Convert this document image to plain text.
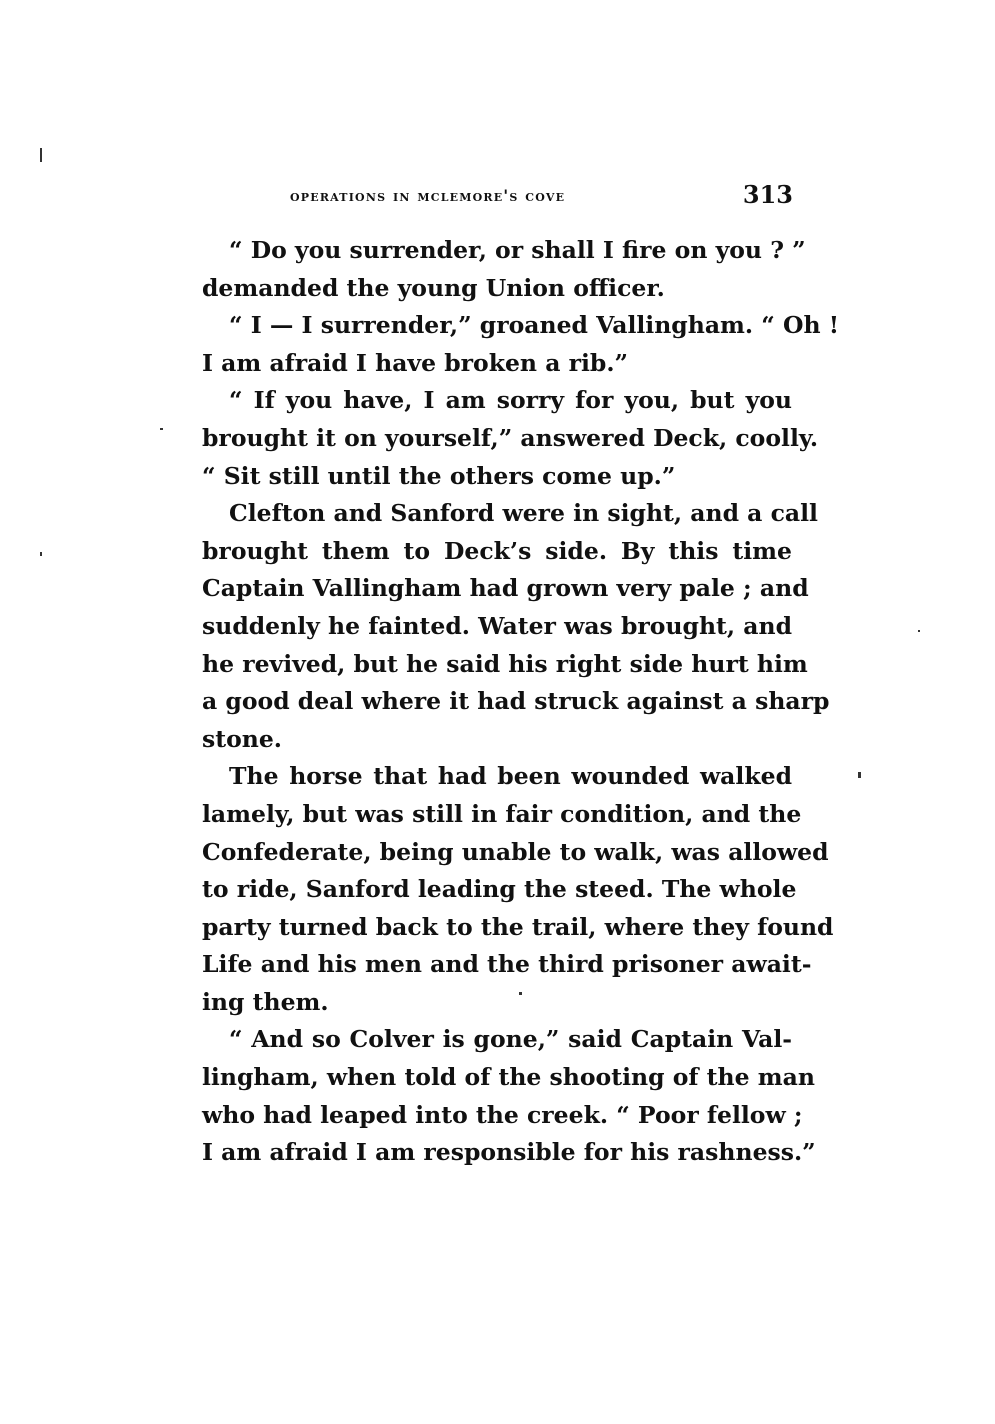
operations in mclemore's cove	313
“ Do you surrender, or shall I fire on you ? ”
demanded the young Union officer.
“ I — I surrender,” groaned Vallingham. “ Oh !
I am afraid I have broken a rib.”
“ If you have, I am sorry for you, but you
brought it on yourself,” answered Deck, coolly.
“ Sit still until the others come up.”
Clefton and Sanford were in sight, and a call
brought them to Deck’s side. By this time
Captain Vallingham had grown very pale ; and
suddenly he fainted. Water was brought, and
he revived, but he said his right side hurt him
a good deal where it had struck against a sharp
stone.
The horse that had been wounded walked
lamely, but was still in fair condition, and the
Confederate, being unable to walk, was allowed
to ride, Sanford leading the steed. The whole
party turned back to the trail, where they found
Life and his men and the third prisoner await-
ing them.
“ And so Colver is gone,” said Captain Val-
lingham, when told of the shooting of the man
who had leaped into the creek. “ Poor fellow ;
I am afraid I am responsible for his rashness.”
